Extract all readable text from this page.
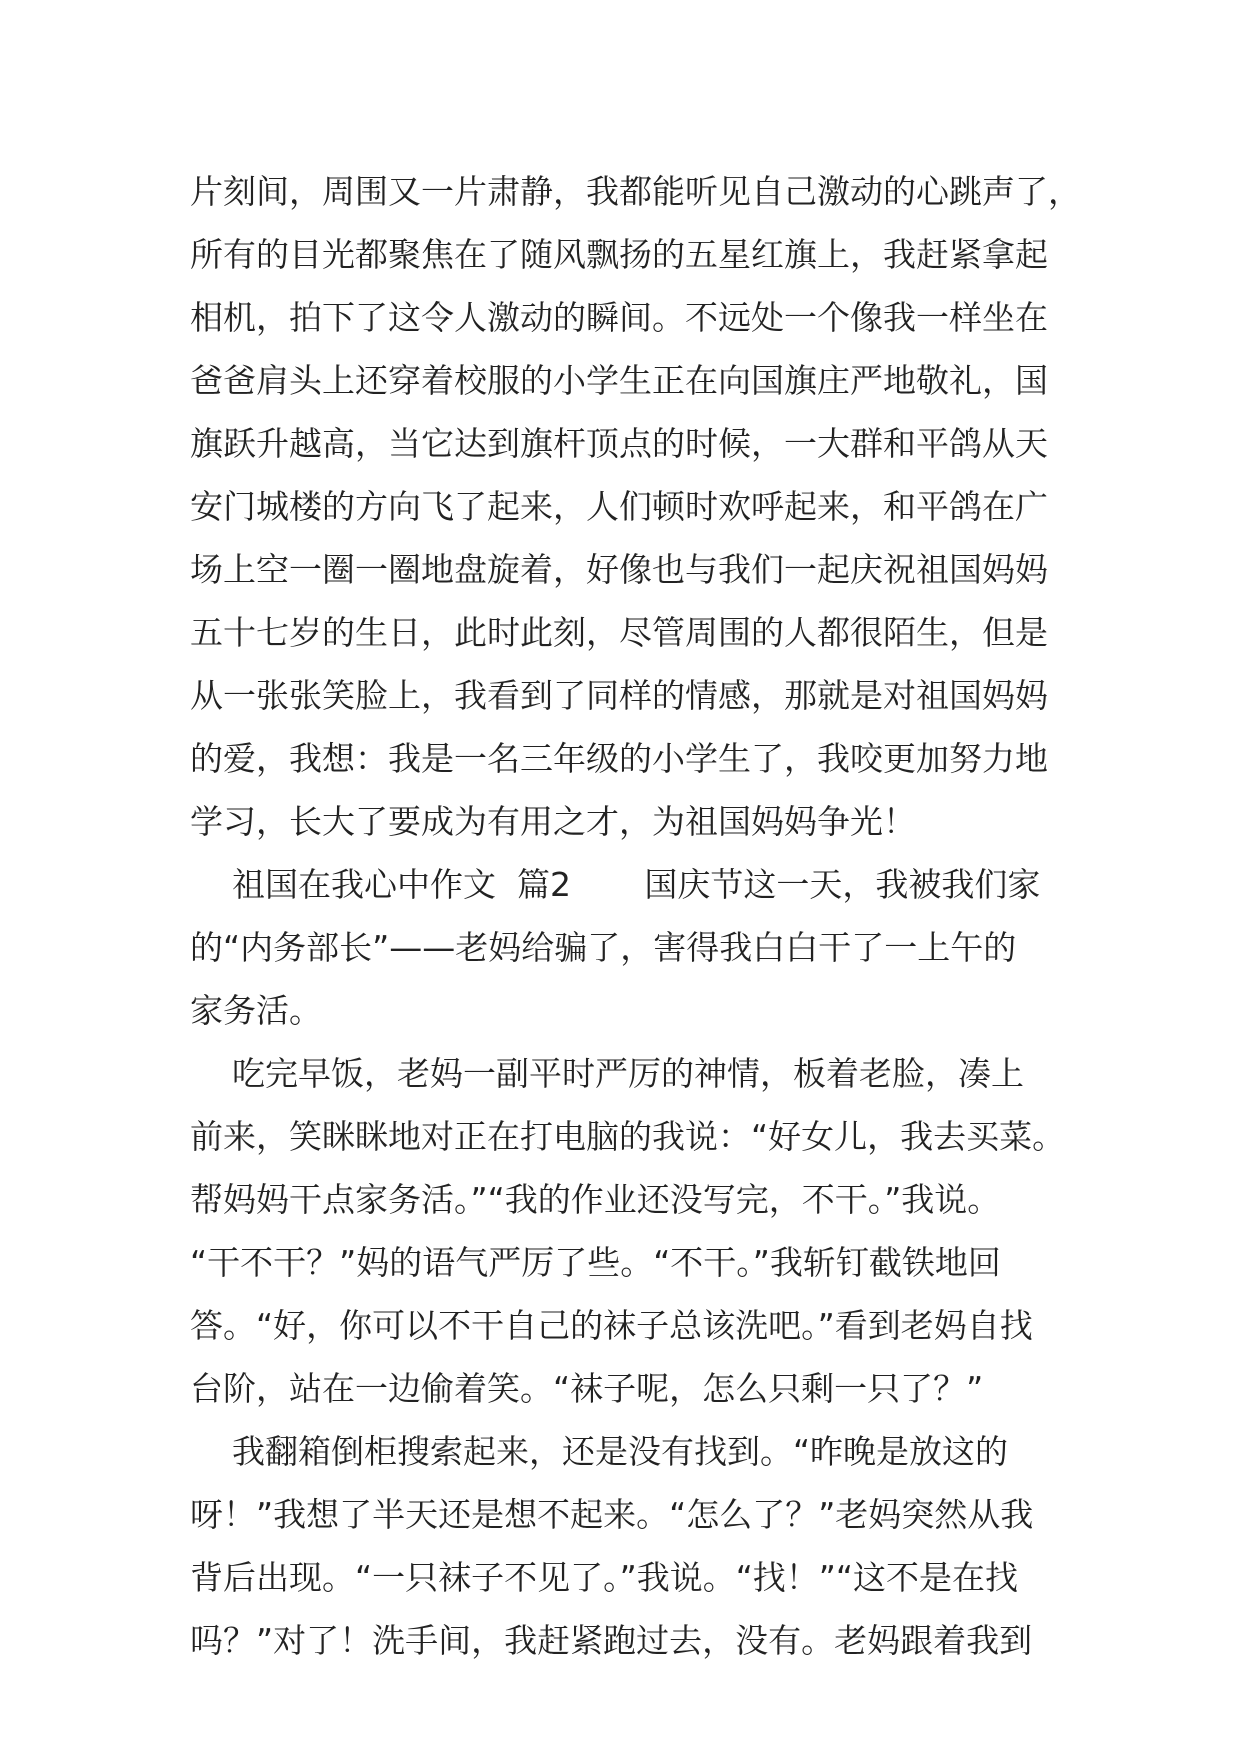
片刻间，周围又一片肃静，我都能听见自己激动的心跳声了，
所有的目光都聚焦在了随风飘扬的五星红旗上，我赶紧拿起
相机，拍下了这令人激动的瞬间。不远处一个像我一样坐在
爸爸肩头上还穿着校服的小学生正在向国旗庄严地敬礼，国
旗跃升越高，当它达到旗杆顶点的时候，一大群和平鸽从天
安门城楼的方向飞了起来，人们顿时欢呼起来，和平鸽在广
场上空一圈一圈地盘旋着，好像也与我们一起庆祝祖国妈妈
五十七岁的生日，此时此刻，尽管周围的人都很陌生，但是
从一张张笑脸上，我看到了同样的情感，那就是对祖国妈妈
的爱，我想：我是一名三年级的小学生了，我咬更加努力地
学习，长大了要成为有用之才，为祖国妈妈争光！
祖国在我心中作文  篇2       国庆节这一天，我被我们家
的“内务部长”——老妈给骗了，害得我白白干了一上午的
家务活。
吃完早饭，老妈一副平时严厉的神情，板着老脸，凑上
前来，笑眯眯地对正在打电脑的我说：“好女儿，我去买菜。
帮妈妈干点家务活。”“我的作业还没写完，不干。”我说。
“干不干？”妈的语气严厉了些。“不干。”我斩钉截铁地回
答。“好，你可以不干自己的袜子总该洗吧。”看到老妈自找
台阶，站在一边偷着笑。“袜子呢，怎么只剩一只了？”
我翻箱倒柜搜索起来，还是没有找到。“昨晚是放这的
呀！”我想了半天还是想不起来。“怎么了？”老妈突然从我
背后出现。“一只袜子不见了。”我说。“找！”“这不是在找
吗？”对了！洗手间，我赶紧跑过去，没有。老妈跟着我到
